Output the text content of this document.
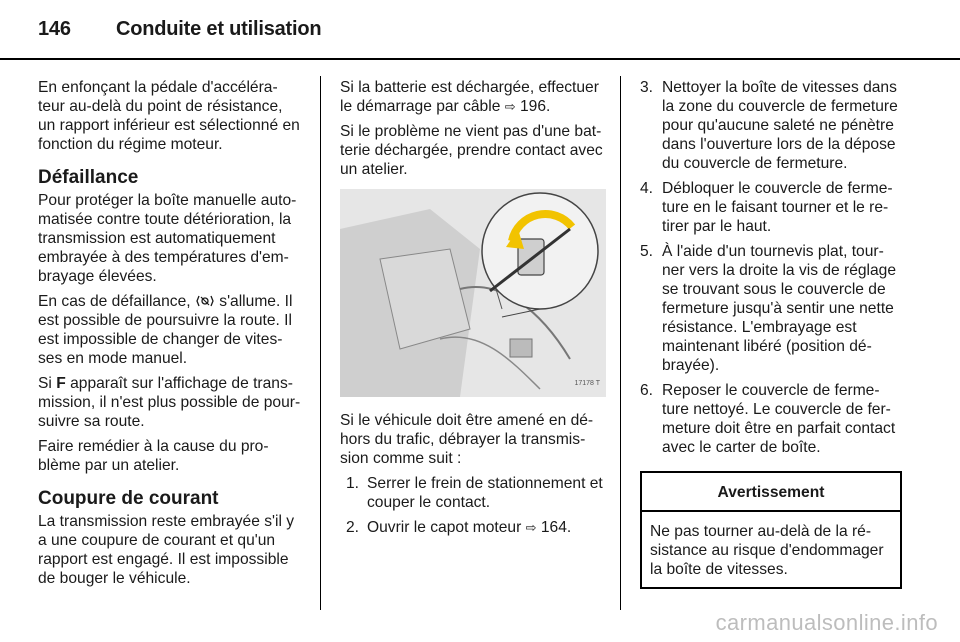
146 Conduite et utilisation

En enfonçant la pédale d'accéléra-teur au-delà du point de résistance, un rapport inférieur est sélectionné en fonction du régime moteur.

Défaillance

Pour protéger la boîte manuelle auto-matisée contre toute détérioration, la transmission est automatiquement embrayée à des températures d'em-brayage élevées.

En cas de défaillance, s'allume. Il est possible de poursuivre la route. Il est impossible de changer de vites-ses en mode manuel.

Si F apparaît sur l'affichage de trans-mission, il n'est plus possible de pour-suivre sa route.

Faire remédier à la cause du pro-blème par un atelier.

Coupure de courant

La transmission reste embrayée s'il y a une coupure de courant et qu'un rapport est engagé. Il est impossible de bouger le véhicule.

Si la batterie est déchargée, effectuer le démarrage par câble ⇨ 196.

Si le problème ne vient pas d'une bat-terie déchargée, prendre contact avec un atelier.

17178 T

Si le véhicule doit être amené en dé-hors du trafic, débrayer la transmis-sion comme suit :

1. Serrer le frein de stationnement et couper le contact.
2. Ouvrir le capot moteur ⇨ 164.
3. Nettoyer la boîte de vitesses dans la zone du couvercle de fermeture pour qu'aucune saleté ne pénètre dans l'ouverture lors de la dépose du couvercle de fermeture.
4. Débloquer le couvercle de ferme-ture en le faisant tourner et le re-tirer par le haut.
5. À l'aide d'un tournevis plat, tour-ner vers la droite la vis de réglage se trouvant sous le couvercle de fermeture jusqu'à sentir une nette résistance. L'embrayage est maintenant libéré (position dé-brayée).
6. Reposer le couvercle de ferme-ture nettoyé. Le couvercle de fer-meture doit être en parfait contact avec le carter de boîte.
Avertissement
Ne pas tourner au-delà de la ré-sistance au risque d'endommager la boîte de vitesses.
carmanualsonline.info
